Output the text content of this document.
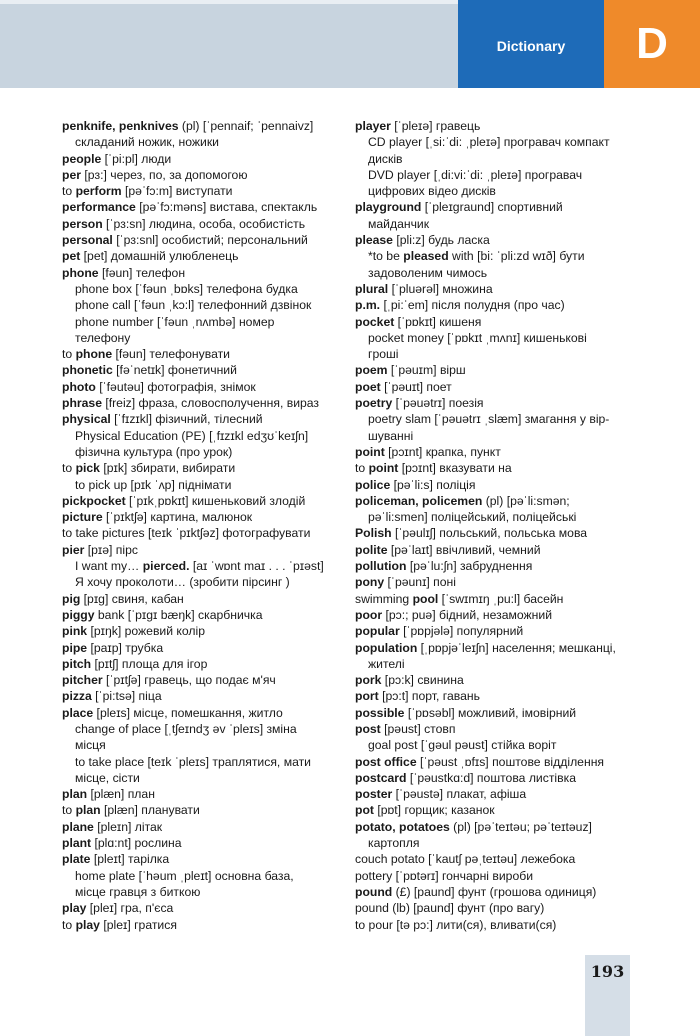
Dictionary D

penknife, penknives (pl) [ˈpennaif; ˈpennaivz]

складаний ножик, ножики

people [ˈpi:pl] люди

per [pɜ:] через, по, за допомогою

to perform [pəˈfɔ:m] виступати

performance [pəˈfɔ:məns] вистава, спектакль

person [ˈpɜ:sn] людина, особа, особистість

personal [ˈpɜ:snl] особистий; персональний

pet [pet] домашній улюбленець

phone [fəun] телефон

phone box [ˈfəun ˌbɒks] телефона будка

phone call [ˈfəun ˌkɔ:l] телефонний дзвінок

phone number [ˈfəun ˌnʌmbə] номер

телефону

to phone [fəun] телефонувати

phonetic [fəˈnetɪk] фонетичний

photo [ˈfəutəu] фотографія, знімок

phrase [freiz] фраза, словосполучення, вираз

physical [ˈfɪzɪkl] фізичний, тілесний

Physical Education (PE) [ˌfɪzɪkl edʒʊˈkeɪʃn]

фізична культура (про урок)

to pick [pɪk] збирати, вибирати

to pick up [pɪk ˈʌp] піднімати

pickpocket [ˈpɪkˌpɒkɪt] кишеньковий злодій

picture [ˈpɪktʃə] картина, малюнок

to take pictures [teɪk ˈpɪktʃəz] фотографувати

pier [pɪə] пірс

I want my… pierced. [aɪ ˈwɒnt maɪ . . . ˈpɪəst]

Я хочу проколоти… (зробити пірсинг )

pig [pɪg] свиня, кабан

piggy bank [ˈpɪgɪ bæŋk] скарбничка

pink [pɪŋk] рожевий колір

pipe [paɪp] трубка

pitch [pɪtʃ] площа для ігор

pitcher [ˈpɪtʃə] гравець, що подає м'яч

pizza [ˈpi:tsə] піца

place [pleɪs] місце, помешкання, житло

change of place [ˌtʃeɪndʒ əv ˈpleɪs] зміна

місця

to take place [teɪk ˈpleɪs] траплятися, мати

місце, сісти

plan [plæn] план

to plan [plæn] планувати

plane [pleɪn] літак

plant [plɑ:nt] рослина

plate [pleɪt] тарілка

home plate [ˈhəum ˌpleɪt] основна база,

місце гравця з биткою

play [pleɪ] гра, п'єса

to play [pleɪ] гратися

player [ˈpleɪə] гравець

CD player [ˌsi:ˈdi: ˌpleɪə] програвач компакт

дисків

DVD player [ˌdi:vi:ˈdi: ˌpleɪə] програвач

цифрових відео дисків

playground [ˈpleɪgraund] спортивний

майданчик

please [pli:z] будь ласка

*to be pleased with [bi: ˈpli:zd wɪð] бути

задоволеним чимось

plural [ˈpluərəl] множина

p.m. [ˌpi:ˈem] після полудня (про час)

pocket [ˈpɒkɪt] кишеня

pocket money [ˈpɒkɪt ˌmʌnɪ] кишенькові

гроші

poem [ˈpəuɪm] вірш

poet [ˈpəuɪt] поет

poetry [ˈpəuətrɪ] поезія

poetry slam [ˈpəuətrɪ ˌslæm] змагання у вір-

шуванні

point [pɔɪnt] крапка, пункт

to point [pɔɪnt] вказувати на

police [pəˈli:s] поліція

policeman, policemen (pl) [pəˈli:smən;

pəˈli:smen] поліцейський, поліцейські

Polish [ˈpəulɪʃ] польський, польська мова

polite [pəˈlaɪt] ввічливий, чемний

pollution [pəˈlu:ʃn] забруднення

pony [ˈpəunɪ] поні

swimming pool [ˈswɪmɪŋ ˌpu:l] басейн

poor [pɔ:; puə] бідний, незаможний

popular [ˈpɒpjələ] популярний

population [ˌpɒpjəˈleɪʃn] населення; мешканці,

жителі

pork [pɔ:k] свинина

port [pɔ:t] порт, гавань

possible [ˈpɒsəbl] можливий, імовірний

post [pəust] стовп

goal post [ˈgəul pəust] стійка воріт

post office [ˈpəust ˌɒfɪs] поштове відділення

postcard [ˈpəustkɑ:d] поштова листівка

poster [ˈpəustə] плакат, афіша

pot [pɒt] горщик; казанок

potato, potatoes (pl) [pəˈteɪtəu; pəˈteɪtəuz]

картопля

couch potato [ˈkautʃ pəˌteɪtəu] лежебока

pottery [ˈpɒtərɪ] гончарні вироби

pound (£) [paund] фунт (грошова одиниця)

pound (lb) [paund] фунт (про вагу)

to pour [tə pɔ:] лити(ся), вливати(ся)

193
